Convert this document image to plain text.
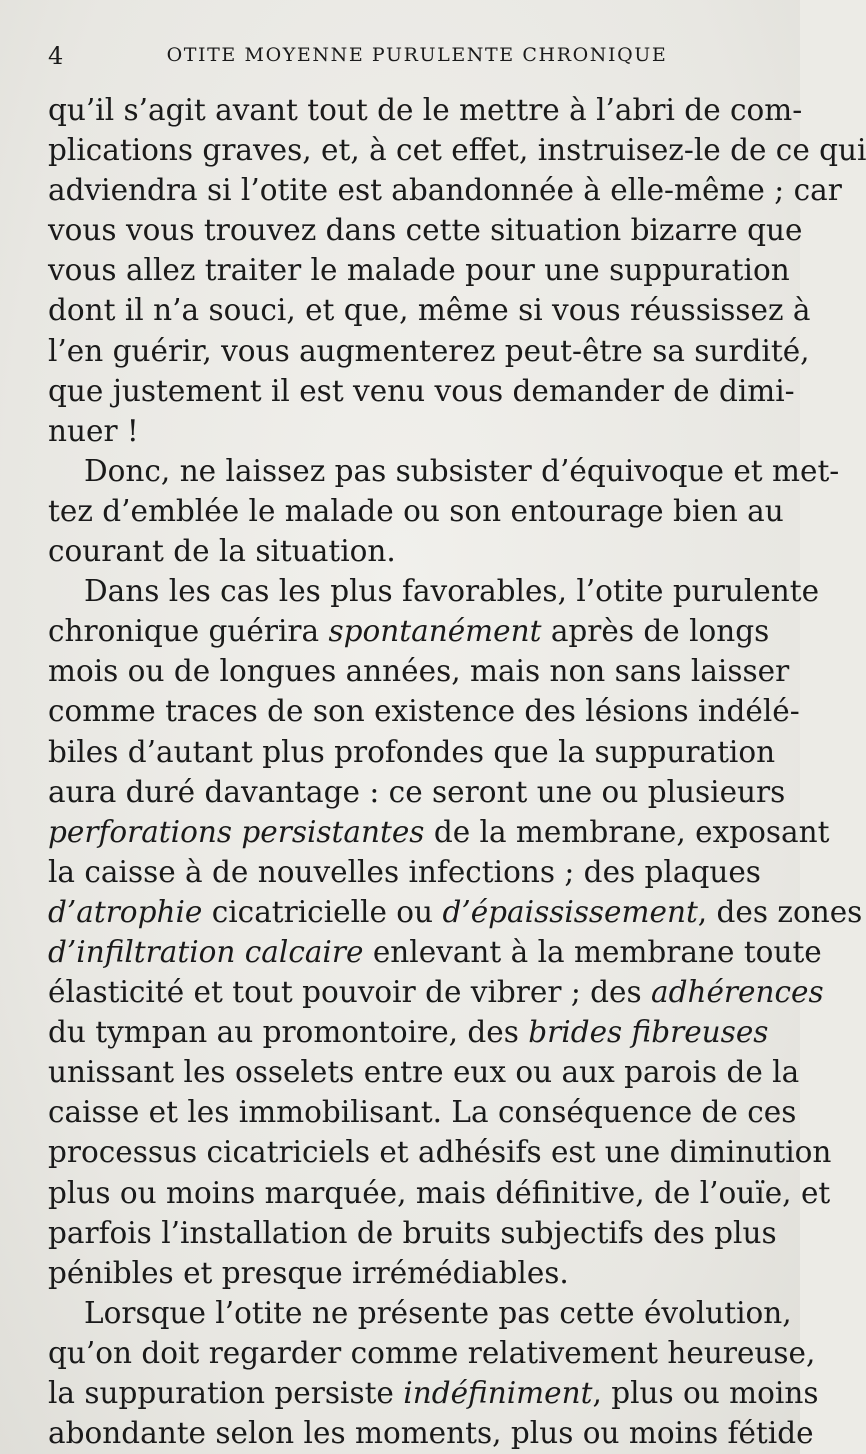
4	OTITE MOYENNE PURULENTE CHRONIQUE
qu’il s’agit avant tout de le mettre à l’abri de com-
plications graves, et, à cet effet, instruisez-le de ce qui
adviendra si l’otite est abandonnée à elle-même ; car
vous vous trouvez dans cette situation bizarre que
vous allez traiter le malade pour une suppuration
dont il n’a souci, et que, même si vous réussissez à
l’en guérir, vous augmenterez peut-être sa surdité,
que justement il est venu vous demander de dimi-
nuer !
Donc, ne laissez pas subsister d’équivoque et met-
tez d’emblée le malade ou son entourage bien au
courant de la situation.
Dans les cas les plus favorables, l’otite purulente
chronique guérira spontanément après de longs
mois ou de longues années, mais non sans laisser
comme traces de son existence des lésions indélé-
biles d’autant plus profondes que la suppuration
aura duré davantage : ce seront une ou plusieurs
perforations persistantes de la membrane, exposant
la caisse à de nouvelles infections ; des plaques
d’atrophie cicatricielle ou d’épaississement, des zones
d’infiltration calcaire enlevant à la membrane toute
élasticité et tout pouvoir de vibrer ; des adhérences
du tympan au promontoire, des brides fibreuses
unissant les osselets entre eux ou aux parois de la
caisse et les immobilisant. La conséquence de ces
processus cicatriciels et adhésifs est une diminution
plus ou moins marquée, mais définitive, de l’ouïe, et
parfois l’installation de bruits subjectifs des plus
pénibles et presque irrémédiables.
Lorsque l’otite ne présente pas cette évolution,
qu’on doit regarder comme relativement heureuse,
la suppuration persiste indéfiniment, plus ou moins
abondante selon les moments, plus ou moins fétide
